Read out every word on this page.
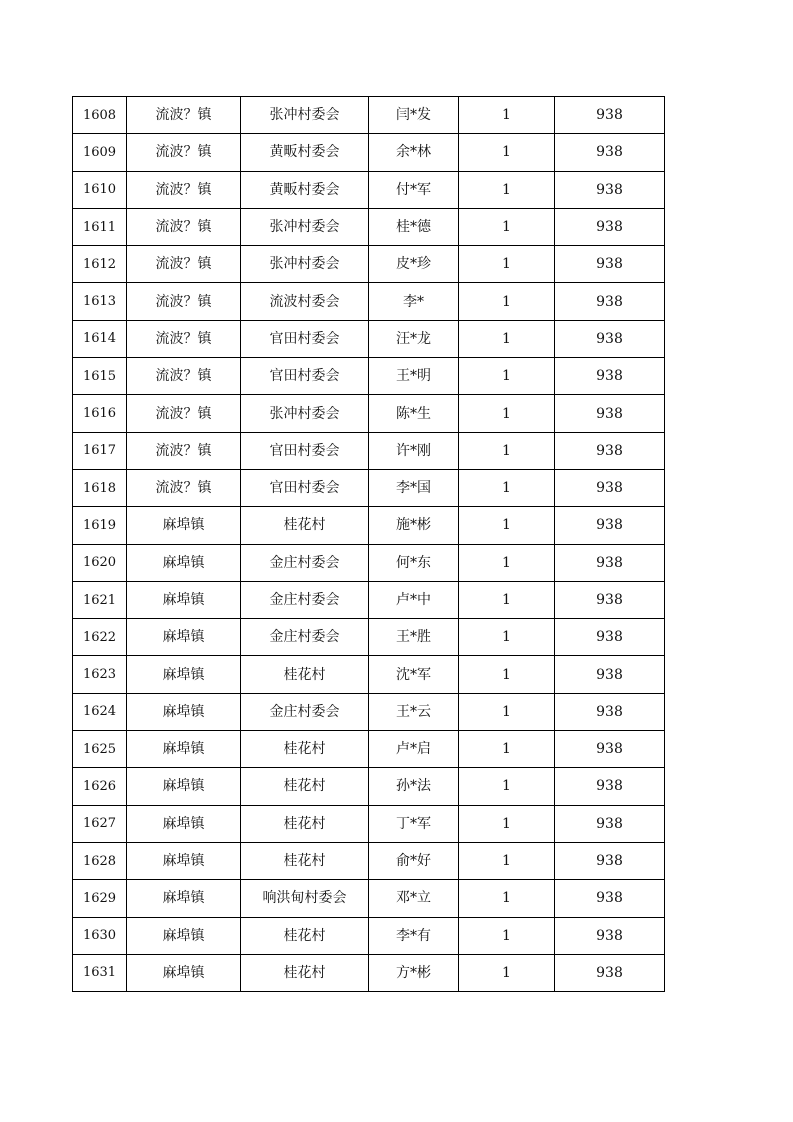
1608	流波？镇	张冲村委会	闫*发	1	938
1609	流波？镇	黄畈村委会	余*林	1	938
1610	流波？镇	黄畈村委会	付*军	1	938
1611	流波？镇	张冲村委会	桂*德	1	938
1612	流波？镇	张冲村委会	皮*珍	1	938
1613	流波？镇	流波村委会	李*	1	938
1614	流波？镇	官田村委会	汪*龙	1	938
1615	流波？镇	官田村委会	王*明	1	938
1616	流波？镇	张冲村委会	陈*生	1	938
1617	流波？镇	官田村委会	许*刚	1	938
1618	流波？镇	官田村委会	李*国	1	938
1619	麻埠镇	桂花村	施*彬	1	938
1620	麻埠镇	金庄村委会	何*东	1	938
1621	麻埠镇	金庄村委会	卢*中	1	938
1622	麻埠镇	金庄村委会	王*胜	1	938
1623	麻埠镇	桂花村	沈*军	1	938
1624	麻埠镇	金庄村委会	王*云	1	938
1625	麻埠镇	桂花村	卢*启	1	938
1626	麻埠镇	桂花村	孙*法	1	938
1627	麻埠镇	桂花村	丁*军	1	938
1628	麻埠镇	桂花村	俞*好	1	938
1629	麻埠镇	响洪甸村委会	邓*立	1	938
1630	麻埠镇	桂花村	李*有	1	938
1631	麻埠镇	桂花村	方*彬	1	938
